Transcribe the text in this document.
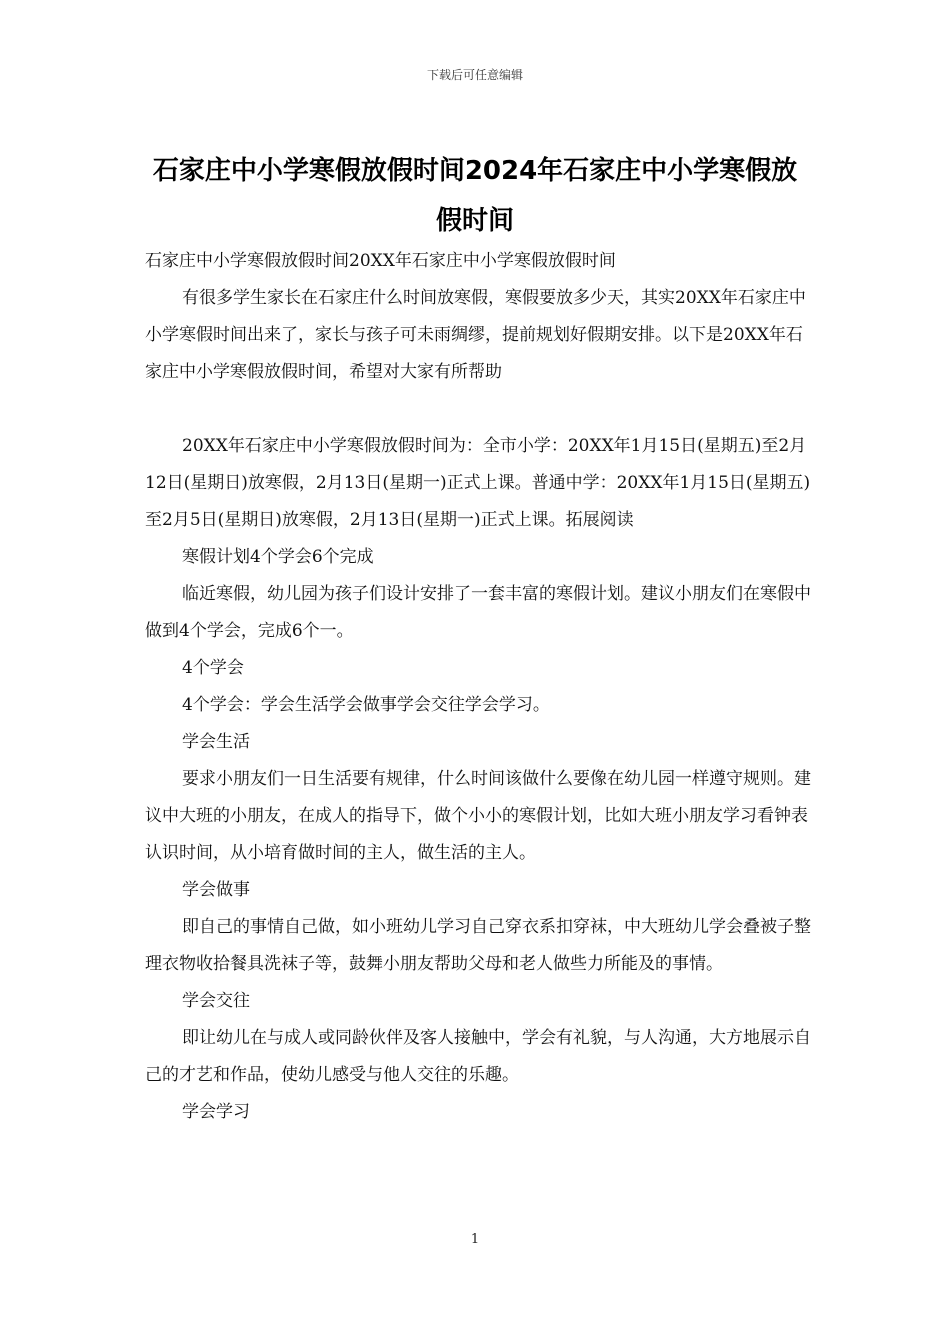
下载后可任意编辑
石家庄中小学寒假放假时间2024年石家庄中小学寒假放假时间

石家庄中小学寒假放假时间20XX年石家庄中小学寒假放假时间

有很多学生家长在石家庄什么时间放寒假，寒假要放多少天，其实20XX年石家庄中小学寒假时间出来了，家长与孩子可未雨绸缪，提前规划好假期安排。以下是20XX年石家庄中小学寒假放假时间，希望对大家有所帮助

20XX年石家庄中小学寒假放假时间为：全市小学：20XX年1月15日(星期五)至2月12日(星期日)放寒假，2月13日(星期一)正式上课。普通中学：20XX年1月15日(星期五)至2月5日(星期日)放寒假，2月13日(星期一)正式上课。拓展阅读

寒假计划4个学会6个完成

临近寒假，幼儿园为孩子们设计安排了一套丰富的寒假计划。建议小朋友们在寒假中做到4个学会，完成6个一。

4个学会

4个学会：学会生活学会做事学会交往学会学习。

学会生活

要求小朋友们一日生活要有规律，什么时间该做什么要像在幼儿园一样遵守规则。建议中大班的小朋友，在成人的指导下，做个小小的寒假计划，比如大班小朋友学习看钟表认识时间，从小培育做时间的主人，做生活的主人。

学会做事

即自己的事情自己做，如小班幼儿学习自己穿衣系扣穿袜，中大班幼儿学会叠被子整理衣物收拾餐具洗袜子等，鼓舞小朋友帮助父母和老人做些力所能及的事情。

学会交往

即让幼儿在与成人或同龄伙伴及客人接触中，学会有礼貌，与人沟通，大方地展示自己的才艺和作品，使幼儿感受与他人交往的乐趣。

学会学习

1
